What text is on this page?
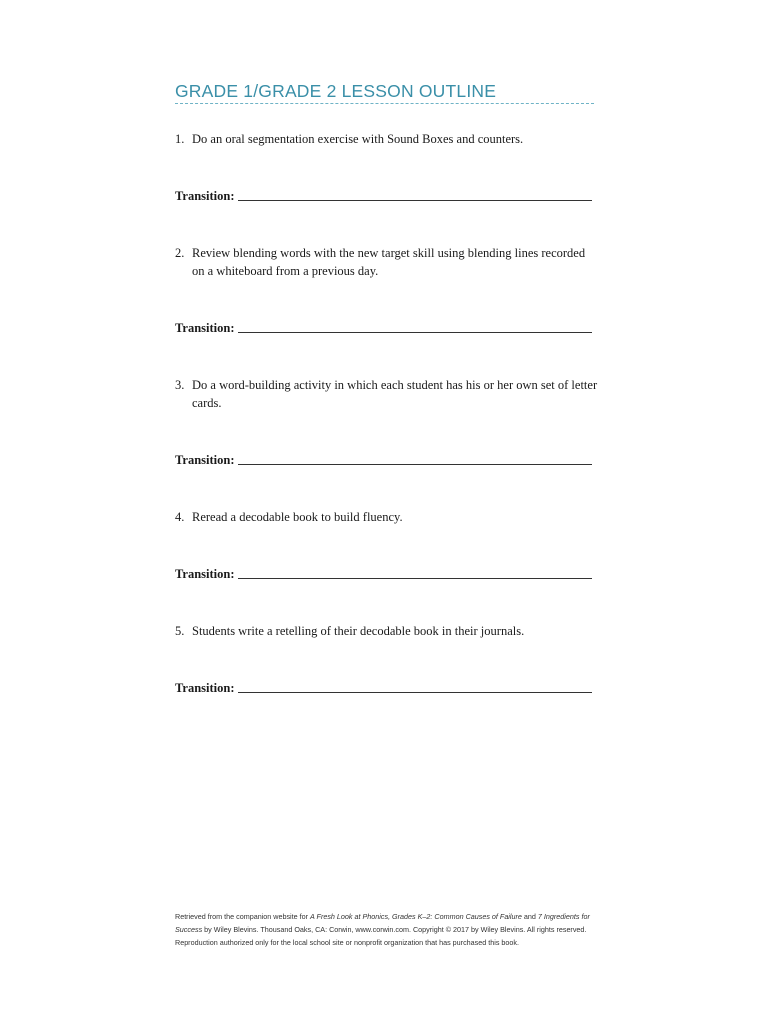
GRADE 1/GRADE 2 LESSON OUTLINE
1. Do an oral segmentation exercise with Sound Boxes and counters.
Transition:
2. Review blending words with the new target skill using blending lines recorded on a whiteboard from a previous day.
Transition:
3. Do a word-building activity in which each student has his or her own set of letter cards.
Transition:
4. Reread a decodable book to build fluency.
Transition:
5. Students write a retelling of their decodable book in their journals.
Transition:
Retrieved from the companion website for A Fresh Look at Phonics, Grades K–2: Common Causes of Failure and 7 Ingredients for Success by Wiley Blevins. Thousand Oaks, CA: Corwin, www.corwin.com. Copyright © 2017 by Wiley Blevins. All rights reserved. Reproduction authorized only for the local school site or nonprofit organization that has purchased this book.
